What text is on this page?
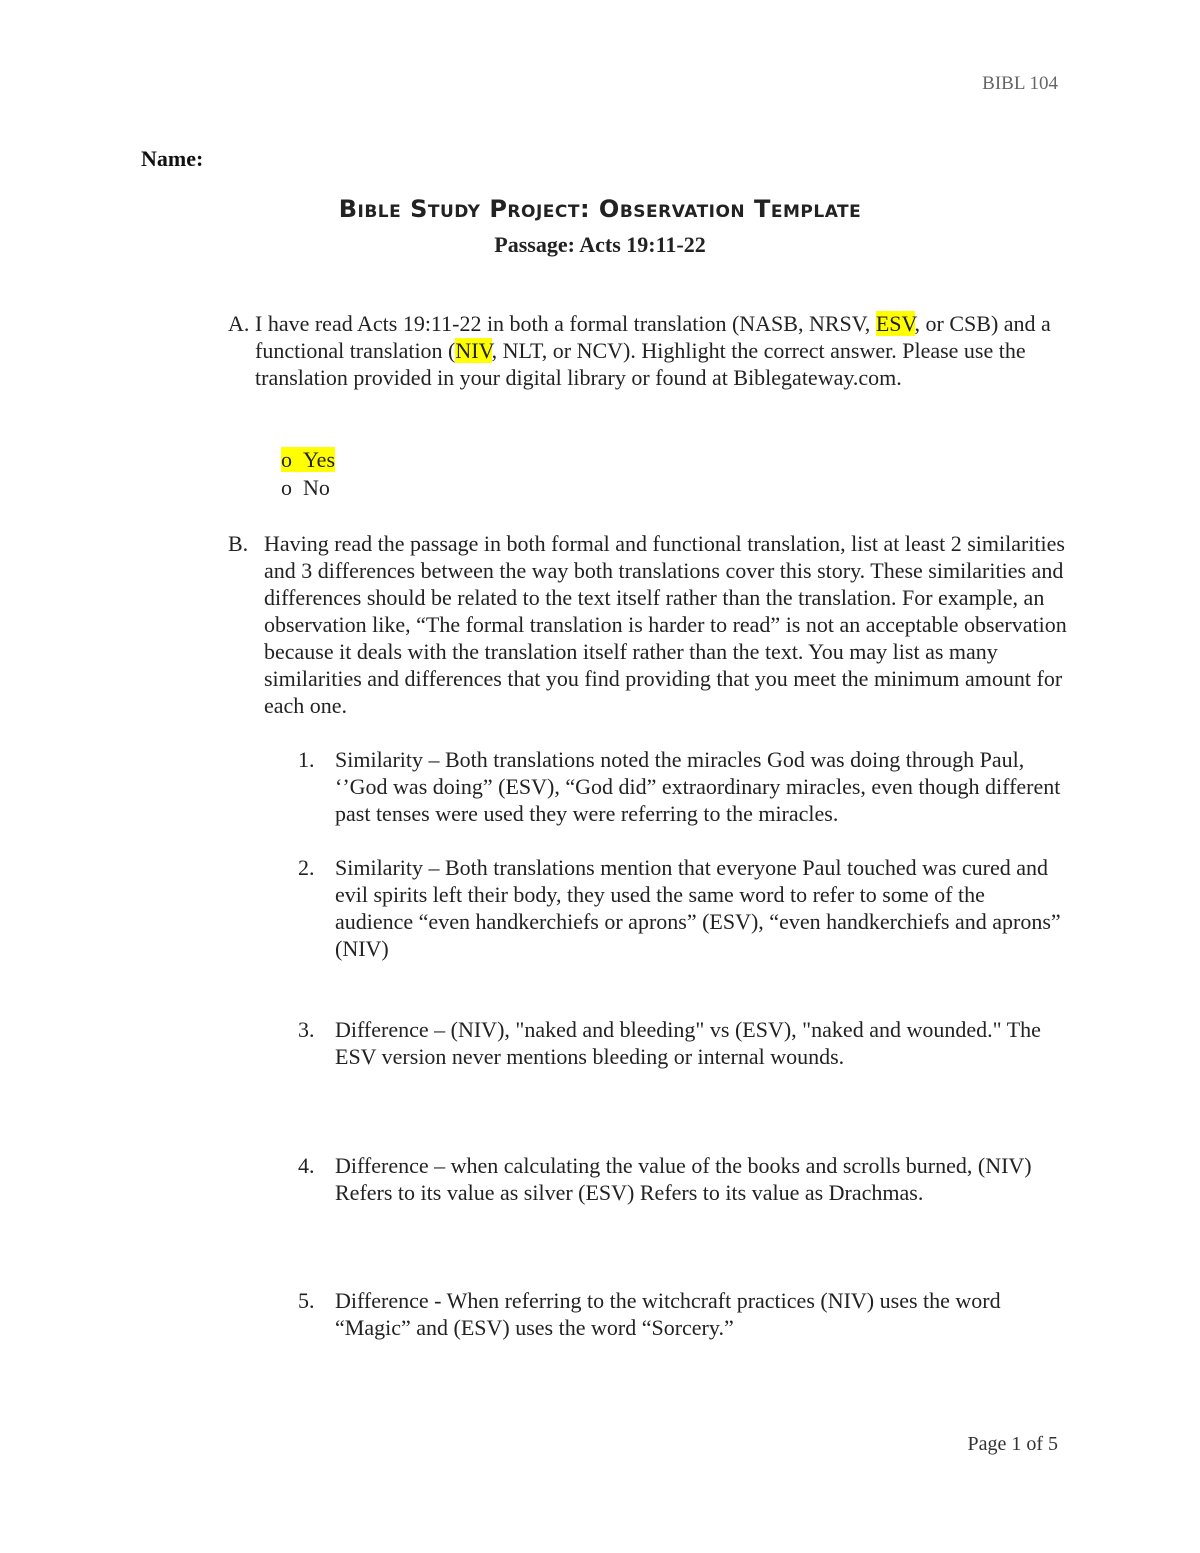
BIBL 104
Name:
Bible Study Project: Observation Template
Passage: Acts 19:11-22
A. I have read Acts 19:11-22 in both a formal translation (NASB, NRSV, ESV, or CSB) and a functional translation (NIV, NLT, or NCV). Highlight the correct answer. Please use the translation provided in your digital library or found at Biblegateway.com.
o Yes
o No
B. Having read the passage in both formal and functional translation, list at least 2 similarities and 3 differences between the way both translations cover this story. These similarities and differences should be related to the text itself rather than the translation. For example, an observation like, “The formal translation is harder to read” is not an acceptable observation because it deals with the translation itself rather than the text. You may list as many similarities and differences that you find providing that you meet the minimum amount for each one.
1. Similarity – Both translations noted the miracles God was doing through Paul, ‘’God was doing” (ESV), “God did” extraordinary miracles, even though different past tenses were used they were referring to the miracles.
2. Similarity – Both translations mention that everyone Paul touched was cured and evil spirits left their body, they used the same word to refer to some of the audience “even handkerchiefs or aprons” (ESV), “even handkerchiefs and aprons” (NIV)
3. Difference – (NIV), "naked and bleeding" vs (ESV), "naked and wounded." The ESV version never mentions bleeding or internal wounds.
4. Difference – when calculating the value of the books and scrolls burned, (NIV) Refers to its value as silver (ESV) Refers to its value as Drachmas.
5. Difference - When referring to the witchcraft practices (NIV) uses the word “Magic” and (ESV) uses the word “Sorcery.”
Page 1 of 5
